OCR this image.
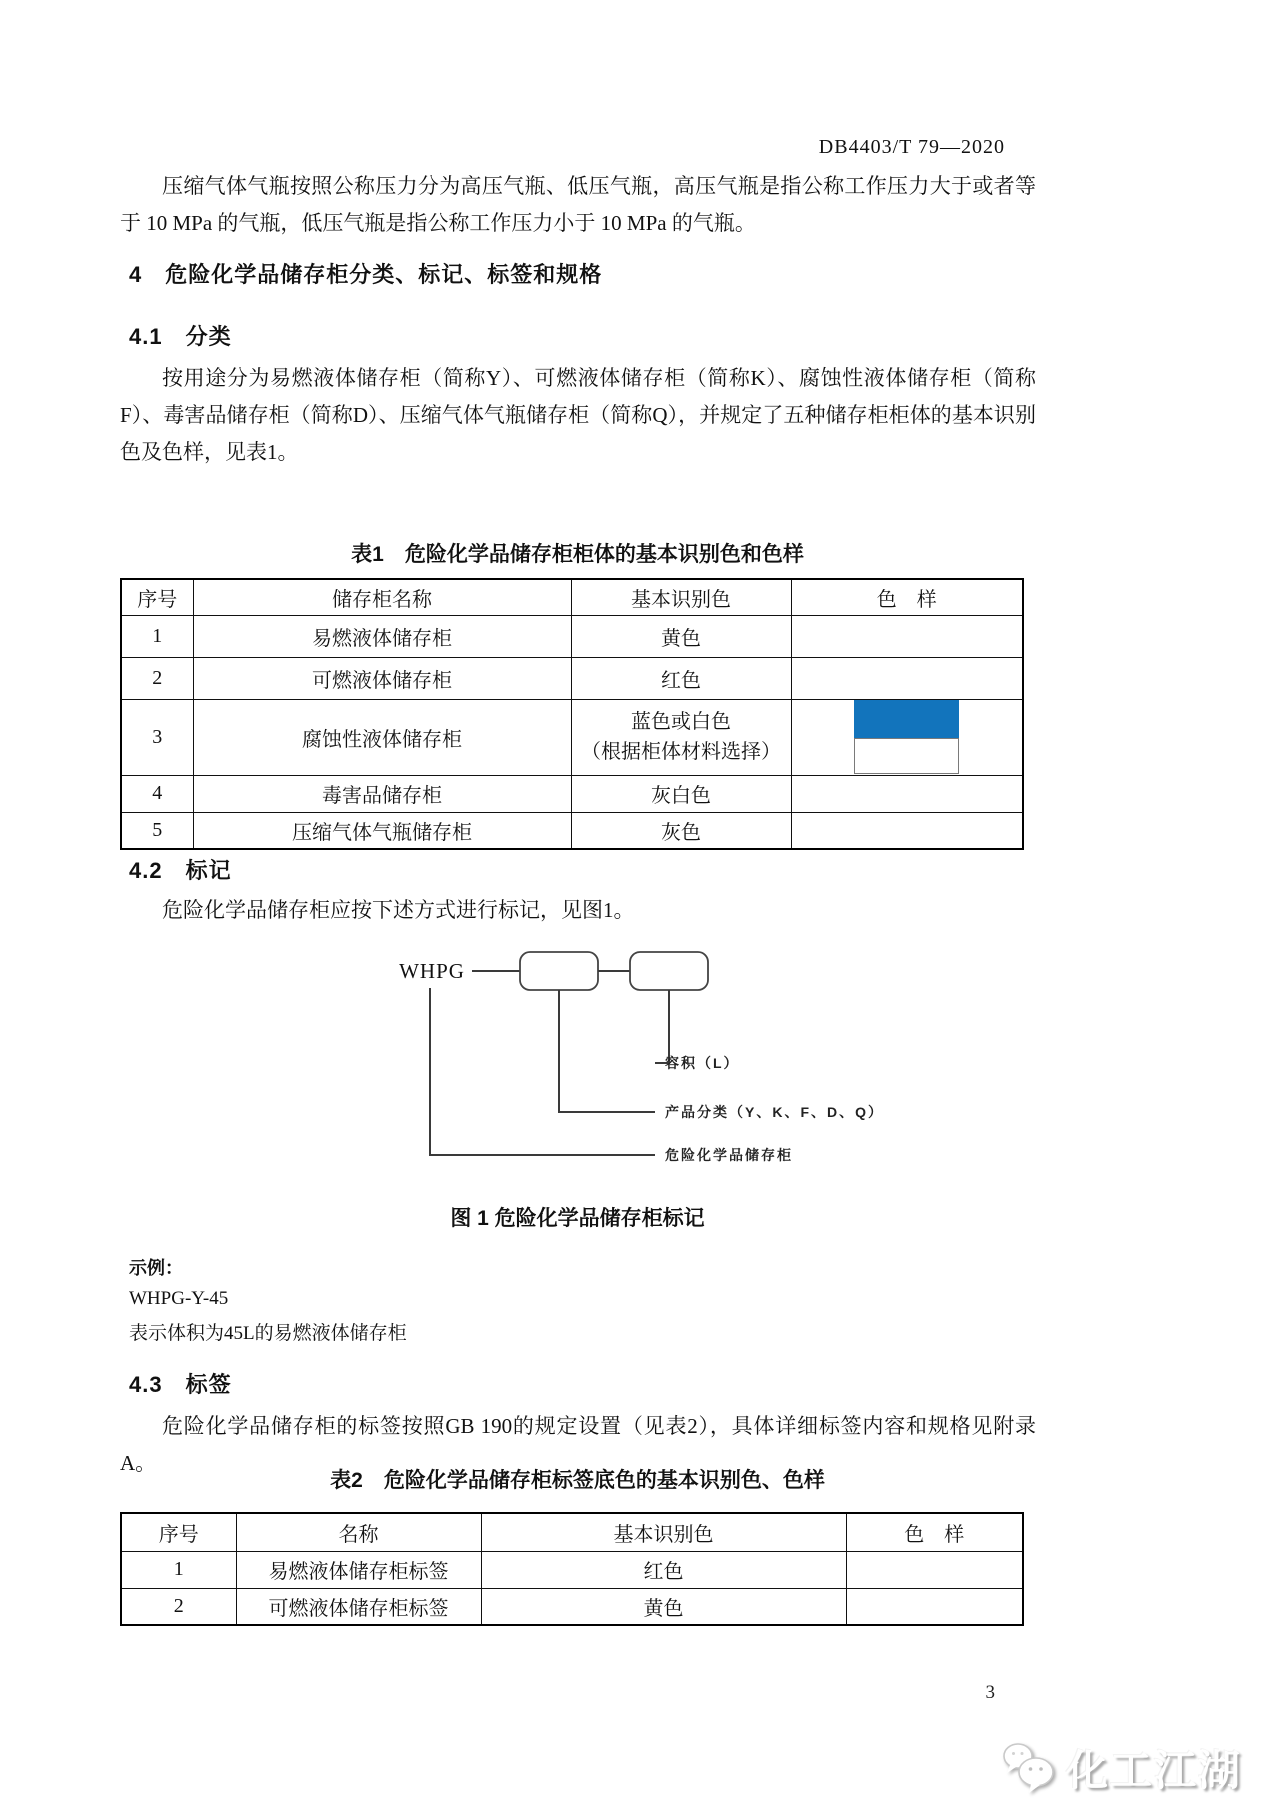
DB4403/T 79—2020
压缩气体气瓶按照公称压力分为高压气瓶、低压气瓶，高压气瓶是指公称工作压力大于或者等于 10 MPa 的气瓶，低压气瓶是指公称工作压力小于 10 MPa 的气瓶。
4　危险化学品储存柜分类、标记、标签和规格
4.1　分类
按用途分为易燃液体储存柜（简称Y）、可燃液体储存柜（简称K）、腐蚀性液体储存柜（简称F）、毒害品储存柜（简称D）、压缩气体气瓶储存柜（简称Q），并规定了五种储存柜柜体的基本识别色及色样，见表1。
表1　危险化学品储存柜柜体的基本识别色和色样
序号	储存柜名称	基本识别色	色　样
1	易燃液体储存柜	黄色	

2	可燃液体储存柜	红色	

3	腐蚀性液体储存柜	蓝色或白色
（根据柜体材料选择）	

4	毒害品储存柜	灰白色	

5	压缩气体气瓶储存柜	灰色	
4.2　标记
危险化学品储存柜应按下述方式进行标记，见图1。
WHPG
容积（L）
产品分类（Y、K、F、D、Q）
危险化学品储存柜
图 1 危险化学品储存柜标记
示例：
WHPG-Y-45
表示体积为45L的易燃液体储存柜
4.3　标签
危险化学品储存柜的标签按照GB 190的规定设置（见表2），具体详细标签内容和规格见附录A。
表2　危险化学品储存柜标签底色的基本识别色、色样
序号	名称	基本识别色	色　样
1	易燃液体储存柜标签	红色	

2	可燃液体储存柜标签	黄色	
3
化工江湖
